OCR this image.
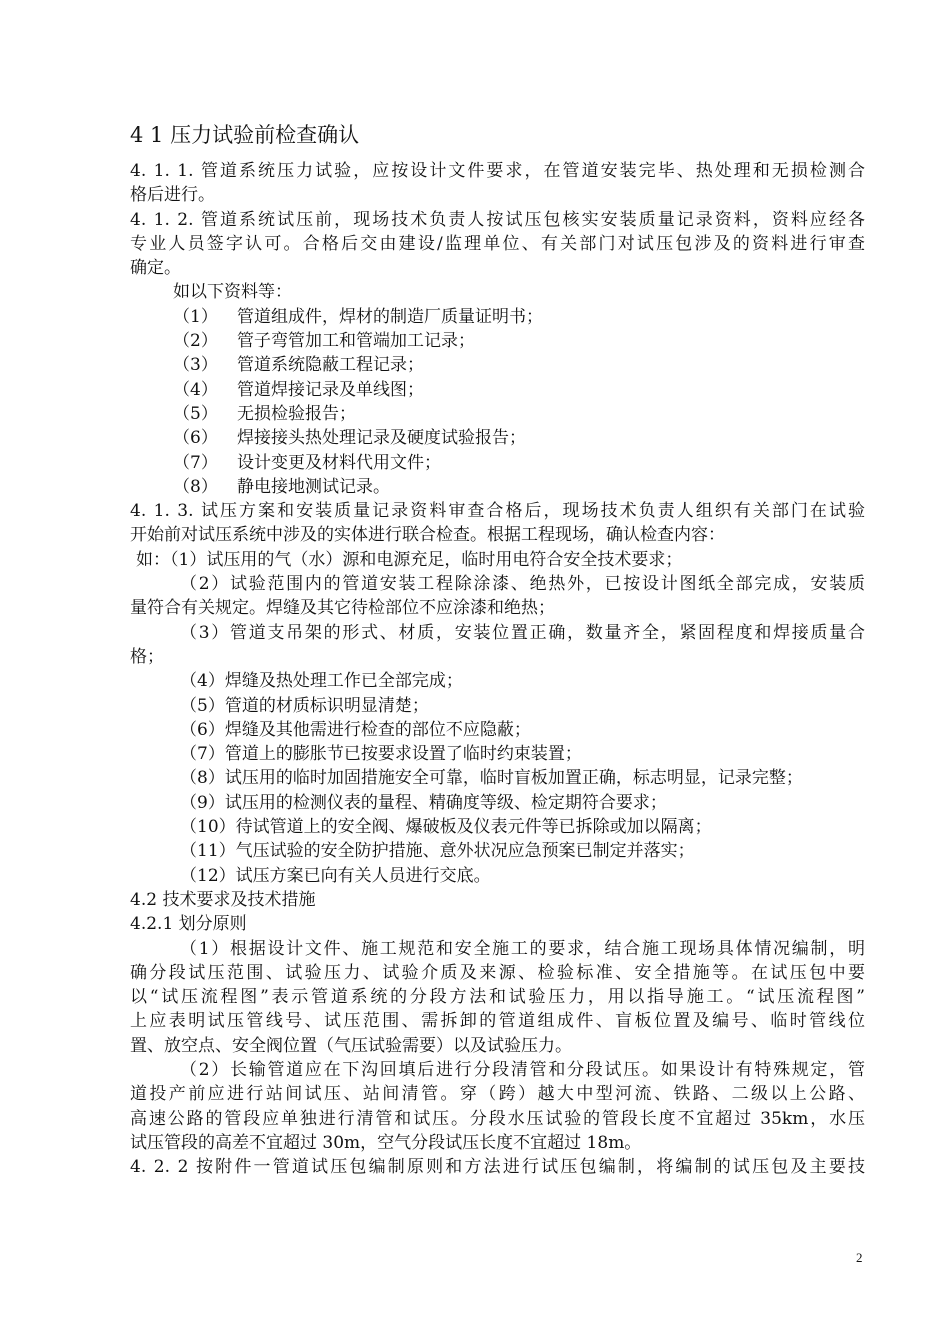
4 1 压力试验前检查确认
4. 1. 1. 管道系统压力试验，应按设计文件要求，在管道安装完毕、热处理和无损检测合
格后进行。
4. 1. 2. 管道系统试压前，现场技术负责人按试压包核实安装质量记录资料，资料应经各
专业人员签字认可。合格后交由建设/监理单位、有关部门对试压包涉及的资料进行审查
确定。
如以下资料等：
（1） 管道组成件，焊材的制造厂质量证明书；
（2） 管子弯管加工和管端加工记录；
（3） 管道系统隐蔽工程记录；
（4） 管道焊接记录及单线图；
（5） 无损检验报告；
（6） 焊接接头热处理记录及硬度试验报告；
（7） 设计变更及材料代用文件；
（8） 静电接地测试记录。
4. 1. 3. 试压方案和安装质量记录资料审查合格后，现场技术负责人组织有关部门在试验
开始前对试压系统中涉及的实体进行联合检查。根据工程现场，确认检查内容：
如：（1）试压用的气（水）源和电源充足，临时用电符合安全技术要求；
（2）试验范围内的管道安装工程除涂漆、绝热外，已按设计图纸全部完成，安装质
量符合有关规定。焊缝及其它待检部位不应涂漆和绝热；
（3）管道支吊架的形式、材质，安装位置正确，数量齐全，紧固程度和焊接质量合
格；
（4）焊缝及热处理工作已全部完成；
（5）管道的材质标识明显清楚；
（6）焊缝及其他需进行检查的部位不应隐蔽；
（7）管道上的膨胀节已按要求设置了临时约束装置；
（8）试压用的临时加固措施安全可靠，临时盲板加置正确，标志明显，记录完整；
（9）试压用的检测仪表的量程、精确度等级、检定期符合要求；
（10）待试管道上的安全阀、爆破板及仪表元件等已拆除或加以隔离；
（11）气压试验的安全防护措施、意外状况应急预案已制定并落实；
（12）试压方案已向有关人员进行交底。
4.2 技术要求及技术措施
4.2.1 划分原则
（1）根据设计文件、施工规范和安全施工的要求，结合施工现场具体情况编制，明
确分段试压范围、试验压力、试验介质及来源、检验标准、安全措施等。在试压包中要
以“试压流程图”表示管道系统的分段方法和试验压力，用以指导施工。“试压流程图”
上应表明试压管线号、试压范围、需拆卸的管道组成件、盲板位置及编号、临时管线位
置、放空点、安全阀位置（气压试验需要）以及试验压力。
（2）长输管道应在下沟回填后进行分段清管和分段试压。如果设计有特殊规定，管
道投产前应进行站间试压、站间清管。穿（跨）越大中型河流、铁路、二级以上公路、
高速公路的管段应单独进行清管和试压。分段水压试验的管段长度不宜超过 35km，水压
试压管段的高差不宜超过 30m，空气分段试压长度不宜超过 18m。
4. 2. 2 按附件一管道试压包编制原则和方法进行试压包编制，将编制的试压包及主要技
2
